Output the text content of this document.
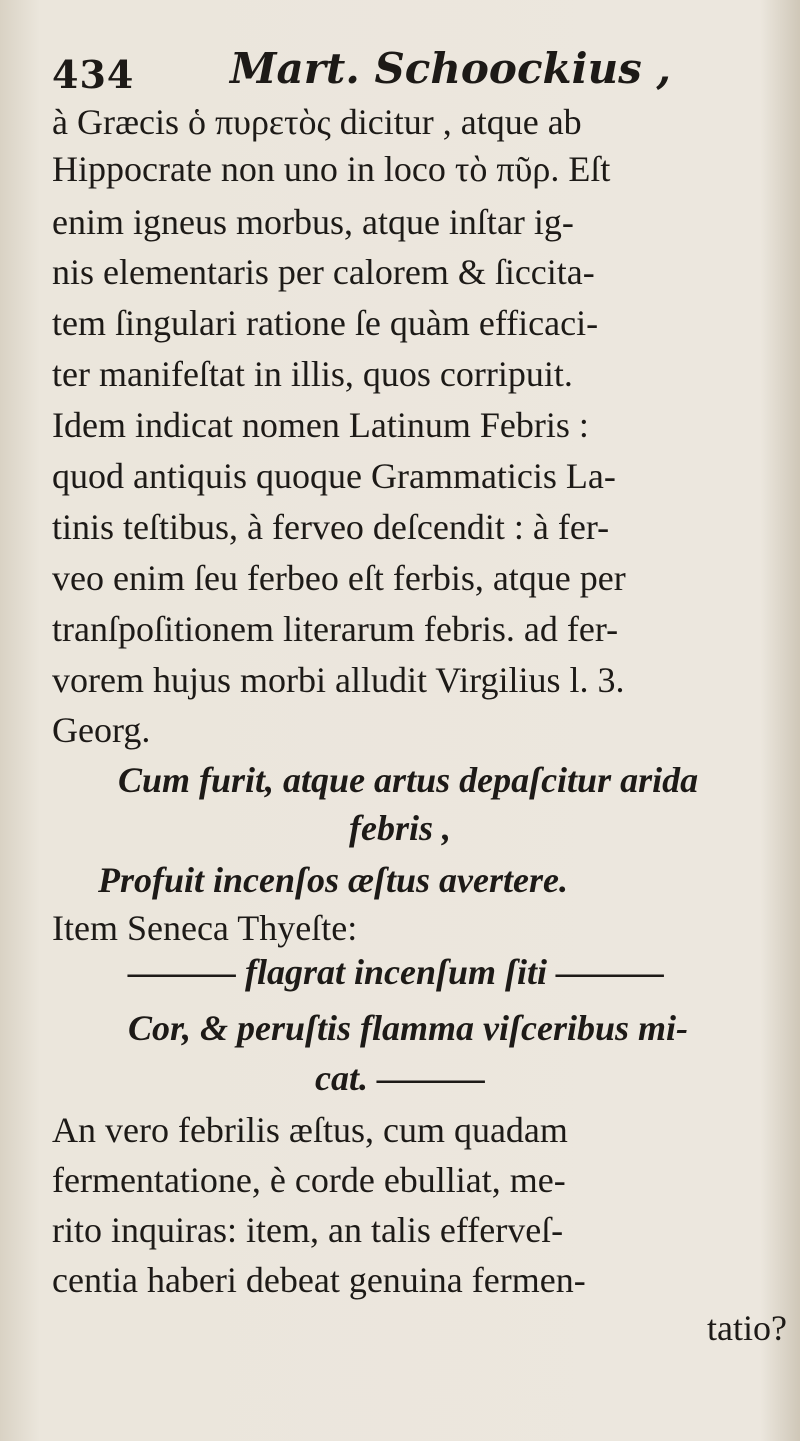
434 Mart. Schoockius ,
à Græcis ὁ πυρετὸς dicitur , atque ab
Hippocrate non uno in loco τὸ πῦρ. Eſt
enim igneus morbus, atque inſtar ig-
nis elementaris per calorem & ſiccita-
tem ſingulari ratione ſe quàm efficaci-
ter manifeſtat in illis, quos corripuit.
Idem indicat nomen Latinum Febris :
quod antiquis quoque Grammaticis La-
tinis teſtibus, à ferveo deſcendit : à fer-
veo enim ſeu ferbeo eſt ferbis, atque per
tranſpoſitionem literarum febris. ad fer-
vorem hujus morbi alludit Virgilius l. 3.
Georg.
Cum furit, atque artus depaſcitur arida
febris ,
Profuit incenſos æſtus avertere.
Item Seneca Thyeſte:
——— flagrat incenſum ſiti ———
Cor, & peruſtis flamma viſceribus mi-
cat. ———
An vero febrilis æſtus, cum quadam
fermentatione, è corde ebulliat, me-
rito inquiras: item, an talis efferveſ-
centia haberi debeat genuina fermen-
tatio?
